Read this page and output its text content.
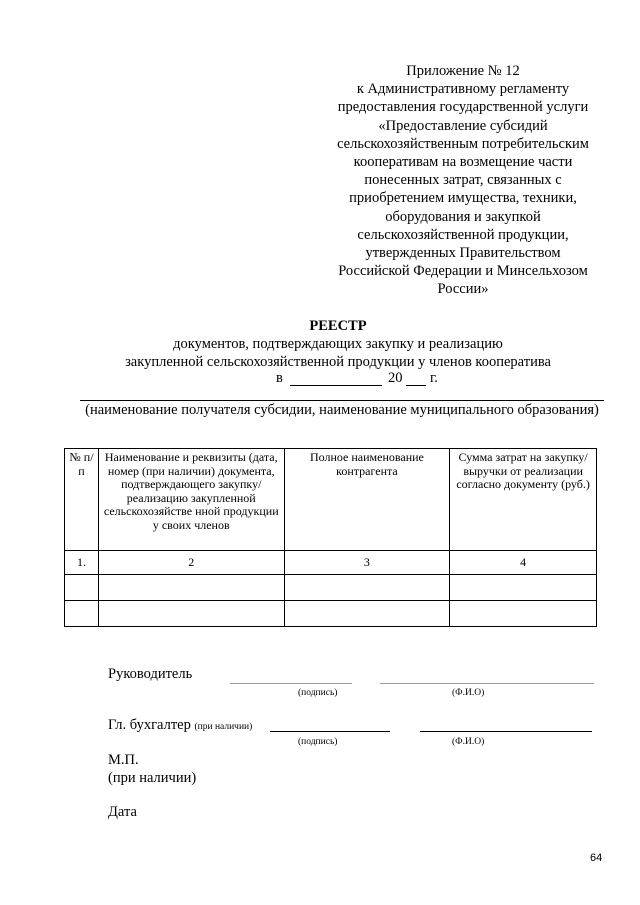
Приложение № 12
к Административному регламенту
предоставления государственной услуги
«Предоставление субсидий
сельскохозяйственным потребительским
кооперативам на возмещение части
понесенных затрат, связанных с
приобретением имущества, техники,
оборудования и закупкой
сельскохозяйственной продукции,
утвержденных Правительством
Российской Федерации и Минсельхозом
России»
РЕЕСТР
документов, подтверждающих закупку и реализацию
закупленной сельскохозяйственной продукции у членов кооператива
в	20 г.
(наименование получателя субсидии, наименование муниципального образования)
№ п/п	Наименование и реквизиты (дата, номер (при наличии) документа, подтверждающего закупку/реализацию закупленной сельскохозяйстве нной продукции у своих членов	Полное наименование контрагента	Сумма затрат на закупку/выручки от реализации согласно документу (руб.)
1.	2	3	4

Руководитель
(подпись)	(Ф.И.О)
Гл. бухгалтер (при наличии)
(подпись)	(Ф.И.О)
М.П.
(при наличии)
Дата
64
